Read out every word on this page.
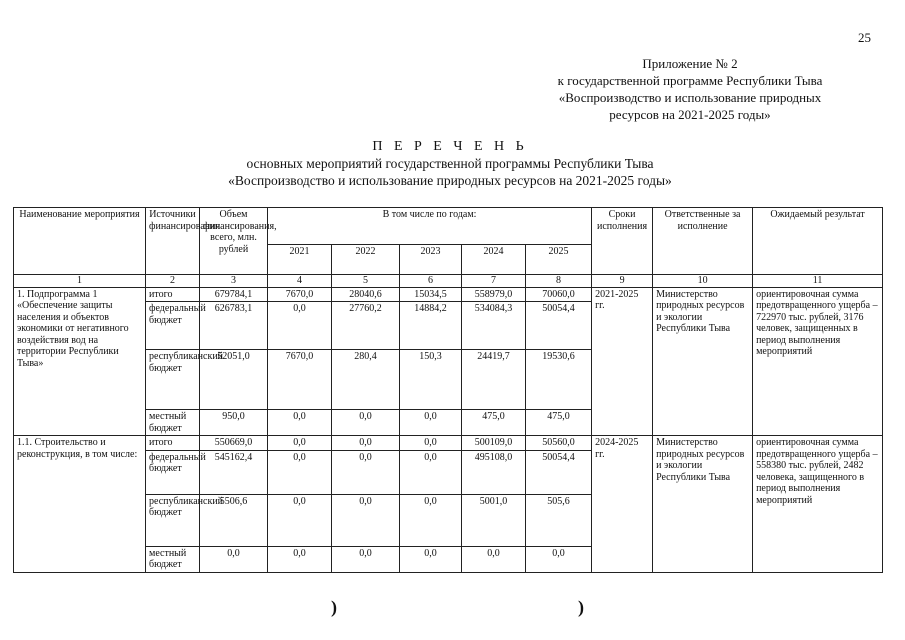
25
Приложение № 2
к государственной программе Республики Тыва
«Воспроизводство и использование природных
ресурсов на 2021-2025 годы»
П Е Р Е Ч Е Н Ь
основных мероприятий государственной программы Республики Тыва
«Воспроизводство и использование природных ресурсов на 2021-2025 годы»
Наименование мероприятия	Источники финансирования	Объем финансирования, всего, млн. рублей	В том числе по годам:					Сроки исполнения	Ответственные за исполнение	Ожидаемый результат
			2021	2022	2023	2024	2025			
1	2	3	4	5	6	7	8	9	10	11
1. Подпрограмма 1 «Обеспечение защиты населения и объектов экономики от негативного воздействия вод на территории Республики Тыва»	итого	679784,1	7670,0	28040,6	15034,5	558979,0	70060,0	2021-2025 гг.	Министерство природных ресурсов и экологии Республики Тыва	ориентировочная сумма предотвращенного ущерба – 722970 тыс. рублей, 3176 человек, защищенных в период выполнения мероприятий
	федеральный бюджет	626783,1	0,0	27760,2	14884,2	534084,3	50054,4			
	республиканский бюджет	52051,0	7670,0	280,4	150,3	24419,7	19530,6			
	местный бюджет	950,0	0,0	0,0	0,0	475,0	475,0			
1.1. Строительство и реконструкция, в том числе:	итого	550669,0	0,0	0,0	0,0	500109,0	50560,0	2024-2025 гг.	Министерство природных ресурсов и экологии Республики Тыва	ориентировочная сумма предотвращенного ущерба – 558380 тыс. рублей, 2482 человека, защищенного в период выполнения мероприятий
	федеральный бюджет	545162,4	0,0	0,0	0,0	495108,0	50054,4			
	республиканский бюджет	5506,6	0,0	0,0	0,0	5001,0	505,6			
	местный бюджет	0,0	0,0	0,0	0,0	0,0	0,0			
)	)
